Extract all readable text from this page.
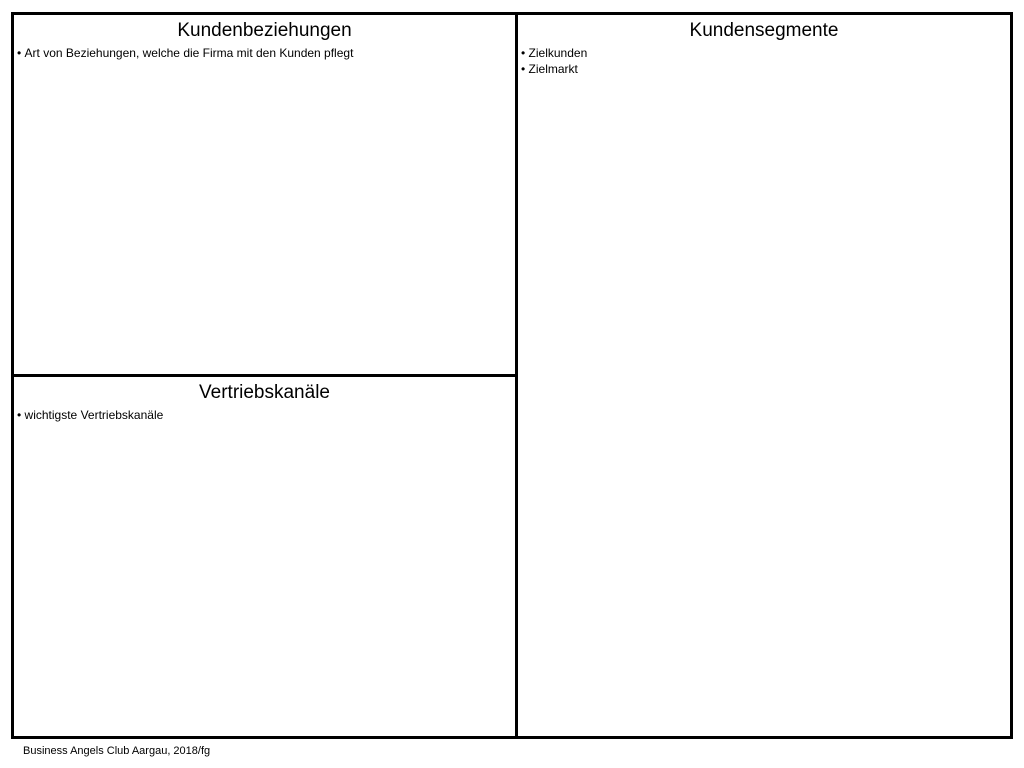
Kundenbeziehungen
• Art von Beziehungen, welche die Firma mit den Kunden pflegt
Vertriebskanäle
• wichtigste Vertriebskanäle
Kundensegmente
• Zielkunden
• Zielmarkt
Business Angels Club Aargau, 2018/fg
